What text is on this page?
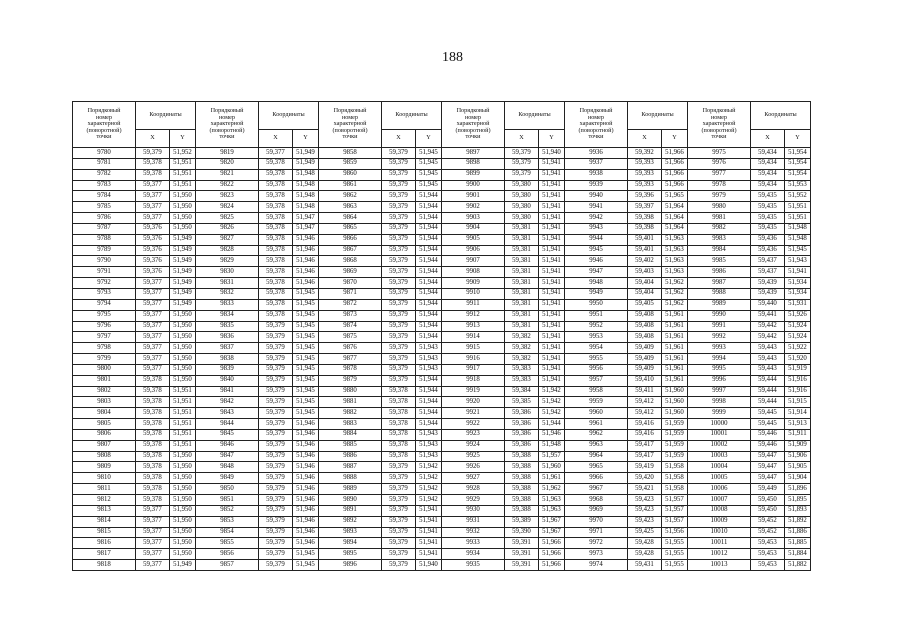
188
Порядковый
номер
характерной
(поворотной)
точки	Координаты		Порядковый
номер
характерной
(поворотной)
точки	Координаты		Порядковый
номер
характерной
(поворотной)
точки	Координаты		Порядковый
номер
характерной
(поворотной)
точки	Координаты		Порядковый
номер
характерной
(поворотной)
точки	Координаты		Порядковый
номер
характерной
(поворотной)
точки	Координаты	
	X	Y		X	Y		X	Y		X	Y		X	Y		X	Y
9780	59,379	51,952	9819	59,377	51,949	9858	59,379	51,945	9897	59,379	51,940	9936	59,392	51,966	9975	59,434	51,954
9781	59,378	51,951	9820	59,378	51,949	9859	59,379	51,945	9898	59,379	51,941	9937	59,393	51,966	9976	59,434	51,954
9782	59,378	51,951	9821	59,378	51,948	9860	59,379	51,945	9899	59,379	51,941	9938	59,393	51,966	9977	59,434	51,954
9783	59,377	51,951	9822	59,378	51,948	9861	59,379	51,945	9900	59,380	51,941	9939	59,393	51,966	9978	59,434	51,953
9784	59,377	51,950	9823	59,378	51,948	9862	59,379	51,944	9901	59,380	51,941	9940	59,396	51,965	9979	59,435	51,952
9785	59,377	51,950	9824	59,378	51,948	9863	59,379	51,944	9902	59,380	51,941	9941	59,397	51,964	9980	59,435	51,951
9786	59,377	51,950	9825	59,378	51,947	9864	59,379	51,944	9903	59,380	51,941	9942	59,398	51,964	9981	59,435	51,951
9787	59,376	51,950	9826	59,378	51,947	9865	59,379	51,944	9904	59,381	51,941	9943	59,398	51,964	9982	59,435	51,948
9788	59,376	51,949	9827	59,378	51,946	9866	59,379	51,944	9905	59,381	51,941	9944	59,401	51,963	9983	59,436	51,948
9789	59,376	51,949	9828	59,378	51,946	9867	59,379	51,944	9906	59,381	51,941	9945	59,401	51,963	9984	59,436	51,945
9790	59,376	51,949	9829	59,378	51,946	9868	59,379	51,944	9907	59,381	51,941	9946	59,402	51,963	9985	59,437	51,943
9791	59,376	51,949	9830	59,378	51,946	9869	59,379	51,944	9908	59,381	51,941	9947	59,403	51,963	9986	59,437	51,941
9792	59,377	51,949	9831	59,378	51,946	9870	59,379	51,944	9909	59,381	51,941	9948	59,404	51,962	9987	59,439	51,934
9793	59,377	51,949	9832	59,378	51,945	9871	59,379	51,944	9910	59,381	51,941	9949	59,404	51,962	9988	59,439	51,934
9794	59,377	51,949	9833	59,378	51,945	9872	59,379	51,944	9911	59,381	51,941	9950	59,405	51,962	9989	59,440	51,931
9795	59,377	51,950	9834	59,378	51,945	9873	59,379	51,944	9912	59,381	51,941	9951	59,408	51,961	9990	59,441	51,926
9796	59,377	51,950	9835	59,379	51,945	9874	59,379	51,944	9913	59,381	51,941	9952	59,408	51,961	9991	59,442	51,924
9797	59,377	51,950	9836	59,379	51,945	9875	59,379	51,944	9914	59,382	51,941	9953	59,408	51,961	9992	59,442	51,924
9798	59,377	51,950	9837	59,379	51,945	9876	59,379	51,943	9915	59,382	51,941	9954	59,409	51,961	9993	59,443	51,922
9799	59,377	51,950	9838	59,379	51,945	9877	59,379	51,943	9916	59,382	51,941	9955	59,409	51,961	9994	59,443	51,920
9800	59,377	51,950	9839	59,379	51,945	9878	59,379	51,943	9917	59,383	51,941	9956	59,409	51,961	9995	59,443	51,919
9801	59,378	51,950	9840	59,379	51,945	9879	59,379	51,944	9918	59,383	51,941	9957	59,410	51,961	9996	59,444	51,916
9802	59,378	51,951	9841	59,379	51,945	9880	59,378	51,944	9919	59,384	51,942	9958	59,411	51,960	9997	59,444	51,916
9803	59,378	51,951	9842	59,379	51,945	9881	59,378	51,944	9920	59,385	51,942	9959	59,412	51,960	9998	59,444	51,915
9804	59,378	51,951	9843	59,379	51,945	9882	59,378	51,944	9921	59,386	51,942	9960	59,412	51,960	9999	59,445	51,914
9805	59,378	51,951	9844	59,379	51,946	9883	59,378	51,944	9922	59,386	51,944	9961	59,416	51,959	10000	59,445	51,913
9806	59,378	51,951	9845	59,379	51,946	9884	59,378	51,943	9923	59,386	51,946	9962	59,416	51,959	10001	59,446	51,911
9807	59,378	51,951	9846	59,379	51,946	9885	59,378	51,943	9924	59,386	51,948	9963	59,417	51,959	10002	59,446	51,909
9808	59,378	51,950	9847	59,379	51,946	9886	59,378	51,943	9925	59,388	51,957	9964	59,417	51,959	10003	59,447	51,906
9809	59,378	51,950	9848	59,379	51,946	9887	59,379	51,942	9926	59,388	51,960	9965	59,419	51,958	10004	59,447	51,905
9810	59,378	51,950	9849	59,379	51,946	9888	59,379	51,942	9927	59,388	51,961	9966	59,420	51,958	10005	59,447	51,904
9811	59,378	51,950	9850	59,379	51,946	9889	59,379	51,942	9928	59,388	51,962	9967	59,421	51,958	10006	59,449	51,896
9812	59,378	51,950	9851	59,379	51,946	9890	59,379	51,942	9929	59,388	51,963	9968	59,423	51,957	10007	59,450	51,895
9813	59,377	51,950	9852	59,379	51,946	9891	59,379	51,941	9930	59,388	51,963	9969	59,423	51,957	10008	59,450	51,893
9814	59,377	51,950	9853	59,379	51,946	9892	59,379	51,941	9931	59,389	51,967	9970	59,423	51,957	10009	59,452	51,892
9815	59,377	51,950	9854	59,379	51,946	9893	59,379	51,941	9932	59,390	51,967	9971	59,425	51,956	10010	59,452	51,886
9816	59,377	51,950	9855	59,379	51,946	9894	59,379	51,941	9933	59,391	51,966	9972	59,428	51,955	10011	59,453	51,885
9817	59,377	51,950	9856	59,379	51,945	9895	59,379	51,941	9934	59,391	51,966	9973	59,428	51,955	10012	59,453	51,884
9818	59,377	51,949	9857	59,379	51,945	9896	59,379	51,940	9935	59,391	51,966	9974	59,431	51,955	10013	59,453	51,882
